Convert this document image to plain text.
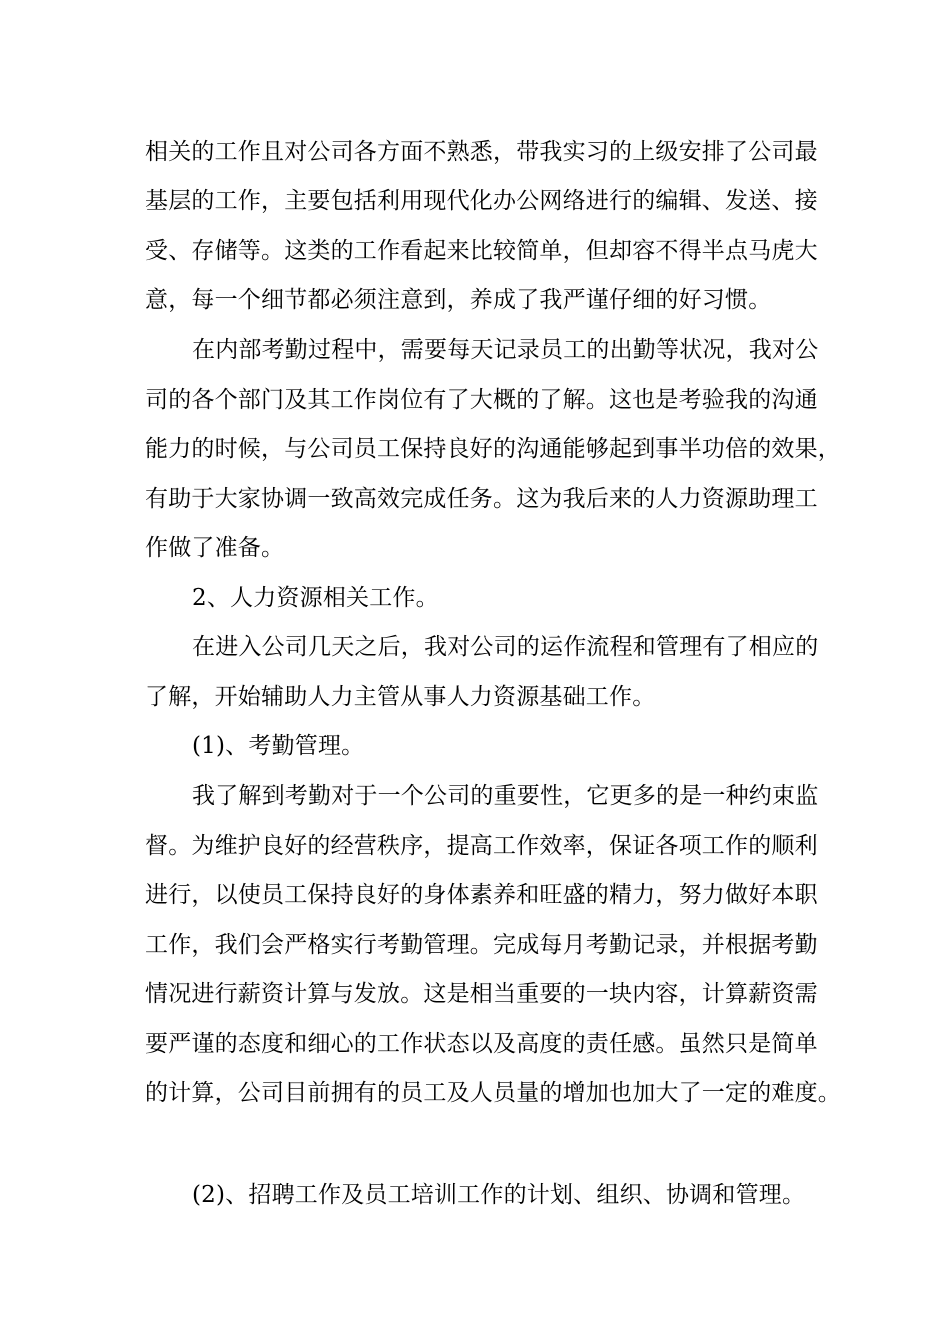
相关的工作且对公司各方面不熟悉，带我实习的上级安排了公司最
基层的工作，主要包括利用现代化办公网络进行的编辑、发送、接
受、存储等。这类的工作看起来比较简单，但却容不得半点马虎大
意，每一个细节都必须注意到，养成了我严谨仔细的好习惯。
在内部考勤过程中，需要每天记录员工的出勤等状况，我对公
司的各个部门及其工作岗位有了大概的了解。这也是考验我的沟通
能力的时候，与公司员工保持良好的沟通能够起到事半功倍的效果，
有助于大家协调一致高效完成任务。这为我后来的人力资源助理工
作做了准备。
2、人力资源相关工作。
在进入公司几天之后，我对公司的运作流程和管理有了相应的
了解，开始辅助人力主管从事人力资源基础工作。
(1)、考勤管理。
我了解到考勤对于一个公司的重要性，它更多的是一种约束监
督。为维护良好的经营秩序，提高工作效率，保证各项工作的顺利
进行，以使员工保持良好的身体素养和旺盛的精力，努力做好本职
工作，我们会严格实行考勤管理。完成每月考勤记录，并根据考勤
情况进行薪资计算与发放。这是相当重要的一块内容，计算薪资需
要严谨的态度和细心的工作状态以及高度的责任感。虽然只是简单
的计算，公司目前拥有的员工及人员量的增加也加大了一定的难度。
(2)、招聘工作及员工培训工作的计划、组织、协调和管理。
